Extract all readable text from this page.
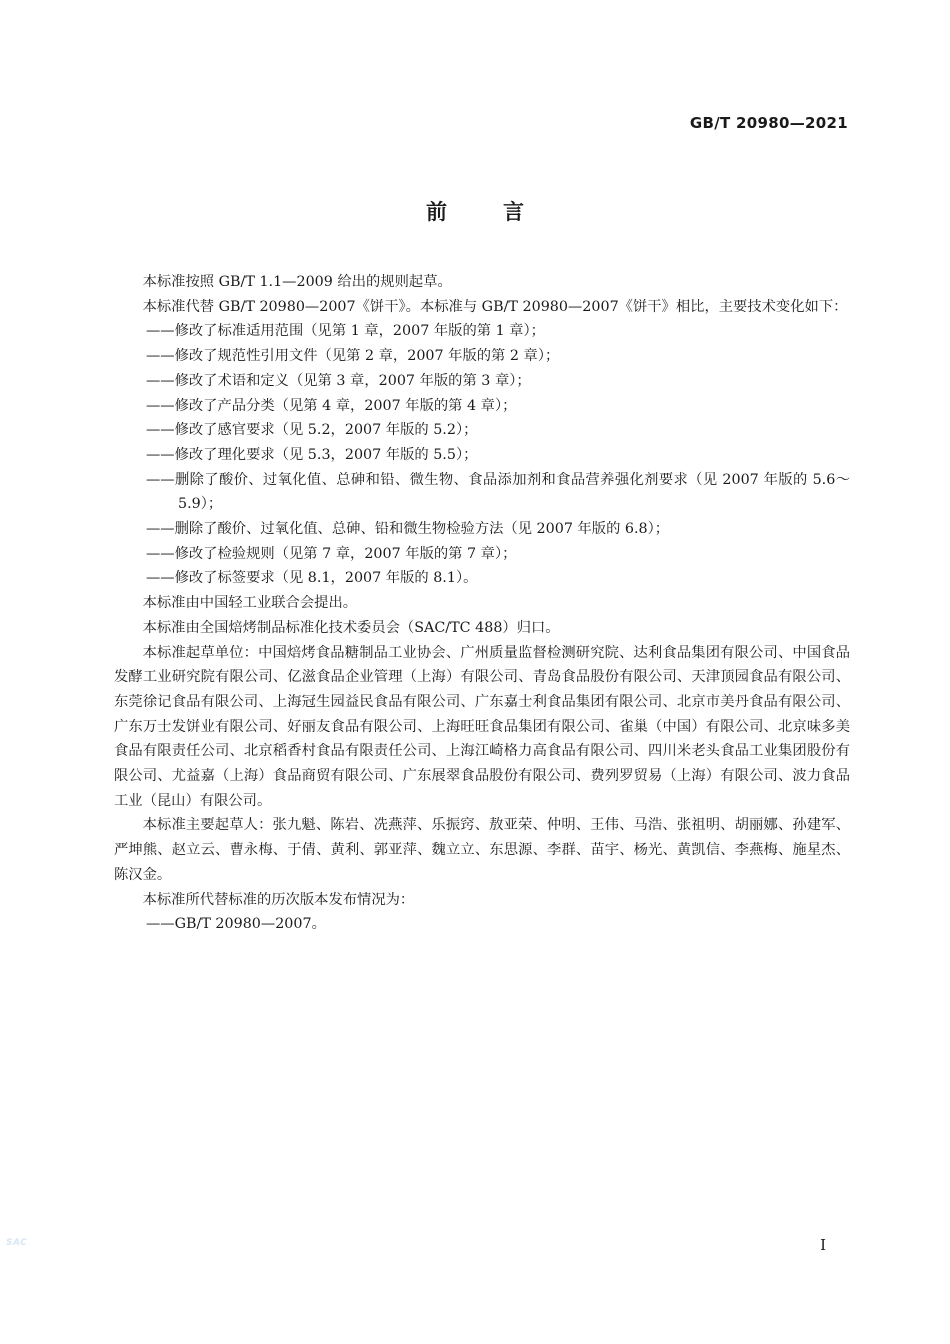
GB/T 20980—2021
前言

本标准按照 GB/T 1.1—2009 给出的规则起草。

本标准代替 GB/T 20980—2007《饼干》。本标准与 GB/T 20980—2007《饼干》相比，主要技术变化如下：

——修改了标准适用范围（见第 1 章，2007 年版的第 1 章）；

——修改了规范性引用文件（见第 2 章，2007 年版的第 2 章）；

——修改了术语和定义（见第 3 章，2007 年版的第 3 章）；

——修改了产品分类（见第 4 章，2007 年版的第 4 章）；

——修改了感官要求（见 5.2，2007 年版的 5.2）；

——修改了理化要求（见 5.3，2007 年版的 5.5）；

——删除了酸价、过氧化值、总砷和铅、微生物、食品添加剂和食品营养强化剂要求（见 2007 年版的 5.6～5.9）；

——删除了酸价、过氧化值、总砷、铅和微生物检验方法（见 2007 年版的 6.8）；

——修改了检验规则（见第 7 章，2007 年版的第 7 章）；

——修改了标签要求（见 8.1，2007 年版的 8.1）。

本标准由中国轻工业联合会提出。

本标准由全国焙烤制品标准化技术委员会（SAC/TC 488）归口。

本标准起草单位：中国焙烤食品糖制品工业协会、广州质量监督检测研究院、达利食品集团有限公司、中国食品发酵工业研究院有限公司、亿滋食品企业管理（上海）有限公司、青岛食品股份有限公司、天津顶园食品有限公司、东莞徐记食品有限公司、上海冠生园益民食品有限公司、广东嘉士利食品集团有限公司、北京市美丹食品有限公司、广东万士发饼业有限公司、好丽友食品有限公司、上海旺旺食品集团有限公司、雀巢（中国）有限公司、北京味多美食品有限责任公司、北京稻香村食品有限责任公司、上海江崎格力高食品有限公司、四川米老头食品工业集团股份有限公司、尤益嘉（上海）食品商贸有限公司、广东展翠食品股份有限公司、费列罗贸易（上海）有限公司、波力食品工业（昆山）有限公司。

本标准主要起草人：张九魁、陈岩、冼燕萍、乐振窍、敖亚荣、仲明、王伟、马浩、张祖明、胡丽娜、孙建军、严坤熊、赵立云、曹永梅、于倩、黄利、郭亚萍、魏立立、东思源、李群、苗宇、杨光、黄凯信、李燕梅、施星杰、陈汉金。

本标准所代替标准的历次版本发布情况为：

——GB/T 20980—2007。

SAC	I
